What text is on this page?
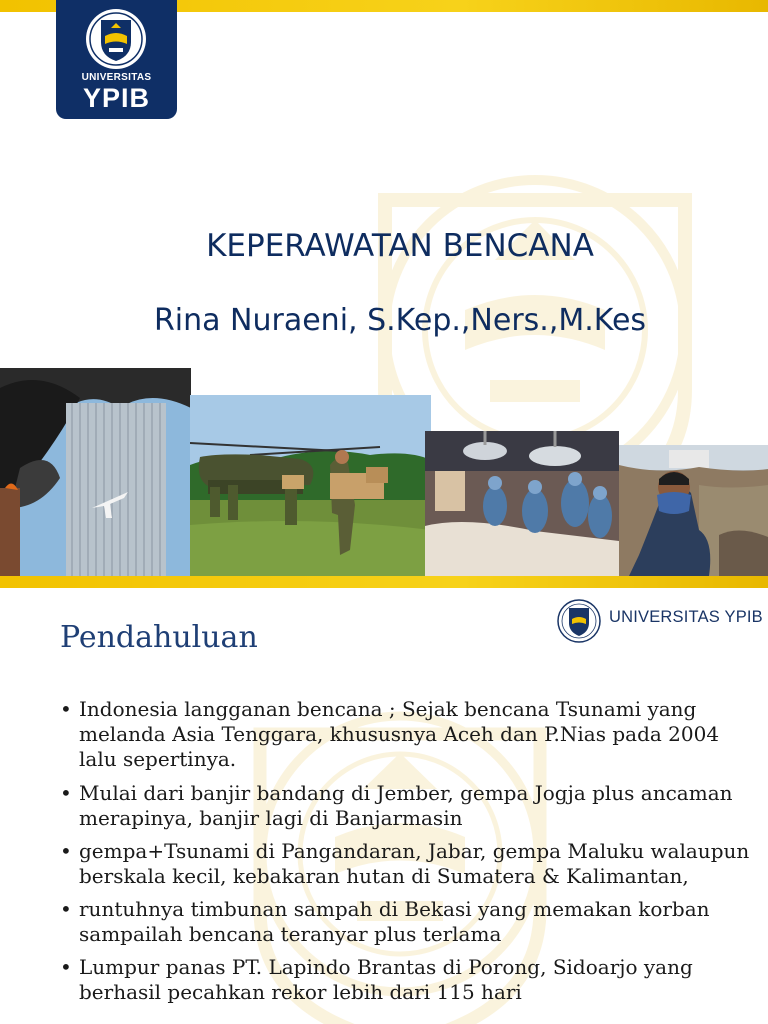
UNIVERSITAS
YPIB
KEPERAWATAN BENCANA
Rina Nuraeni, S.Kep.,Ners.,M.Kes
UNIVERSITAS YPIB
Pendahuluan
• Indonesia langganan bencana ; Sejak bencana Tsunami yang melanda Asia Tenggara, khususnya Aceh dan P.Nias pada 2004 lalu sepertinya.
• Mulai dari banjir bandang di Jember, gempa Jogja plus ancaman merapinya, banjir lagi di Banjarmasin
• gempa+Tsunami di Pangandaran, Jabar, gempa Maluku walaupun berskala kecil, kebakaran hutan di Sumatera & Kalimantan,
• runtuhnya timbunan sampah di Bekasi yang memakan korban sampailah bencana teranyar plus terlama
• Lumpur panas PT. Lapindo Brantas di Porong, Sidoarjo yang berhasil pecahkan rekor lebih dari 115 hari
